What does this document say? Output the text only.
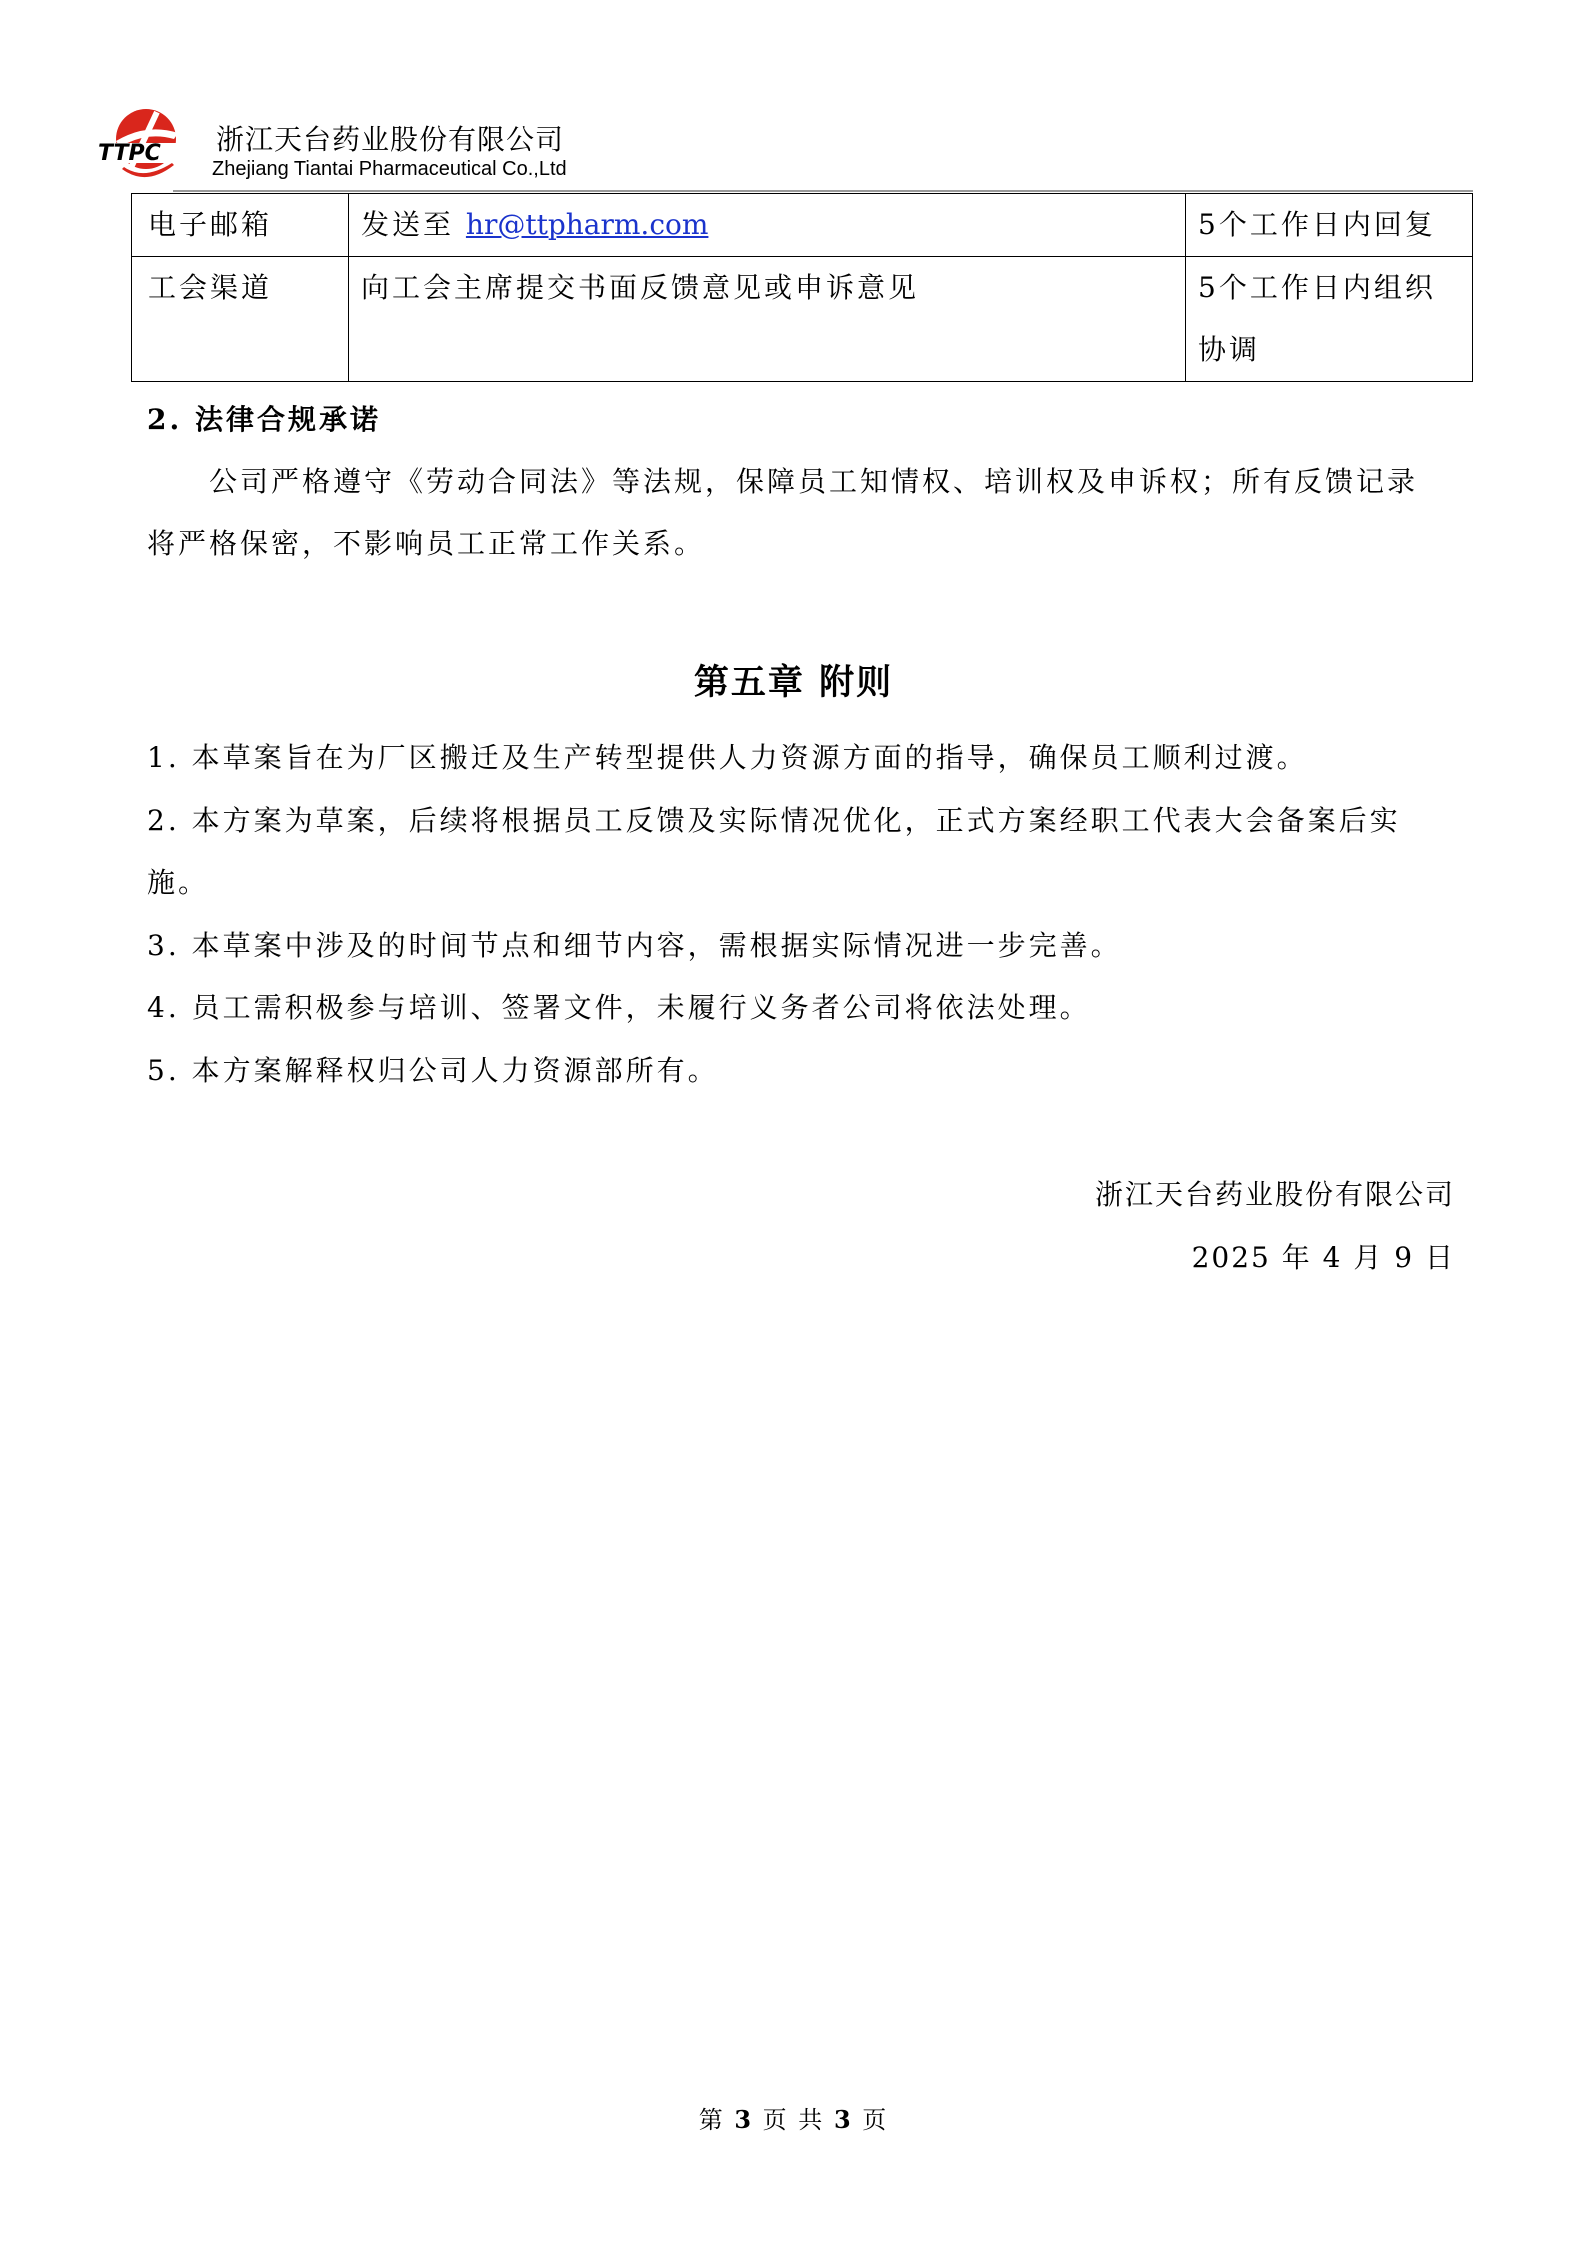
TTPC 浙江天台药业股份有限公司
Zhejiang Tiantai Pharmaceutical Co.,Ltd
电子邮箱	发送至 hr@ttpharm.com	5个工作日内回复
工会渠道	向工会主席提交书面反馈意见或申诉意见	5个工作日内组织
协调
2. 法律合规承诺
公司严格遵守《劳动合同法》等法规，保障员工知情权、培训权及申诉权；所有反馈记录
将严格保密，不影响员工正常工作关系。
第五章 附则
1. 本草案旨在为厂区搬迁及生产转型提供人力资源方面的指导，确保员工顺利过渡。
2. 本方案为草案，后续将根据员工反馈及实际情况优化，正式方案经职工代表大会备案后实
施。
3. 本草案中涉及的时间节点和细节内容，需根据实际情况进一步完善。
4. 员工需积极参与培训、签署文件，未履行义务者公司将依法处理。
5. 本方案解释权归公司人力资源部所有。
浙江天台药业股份有限公司
2025 年 4 月 9 日
第 3 页 共 3 页
